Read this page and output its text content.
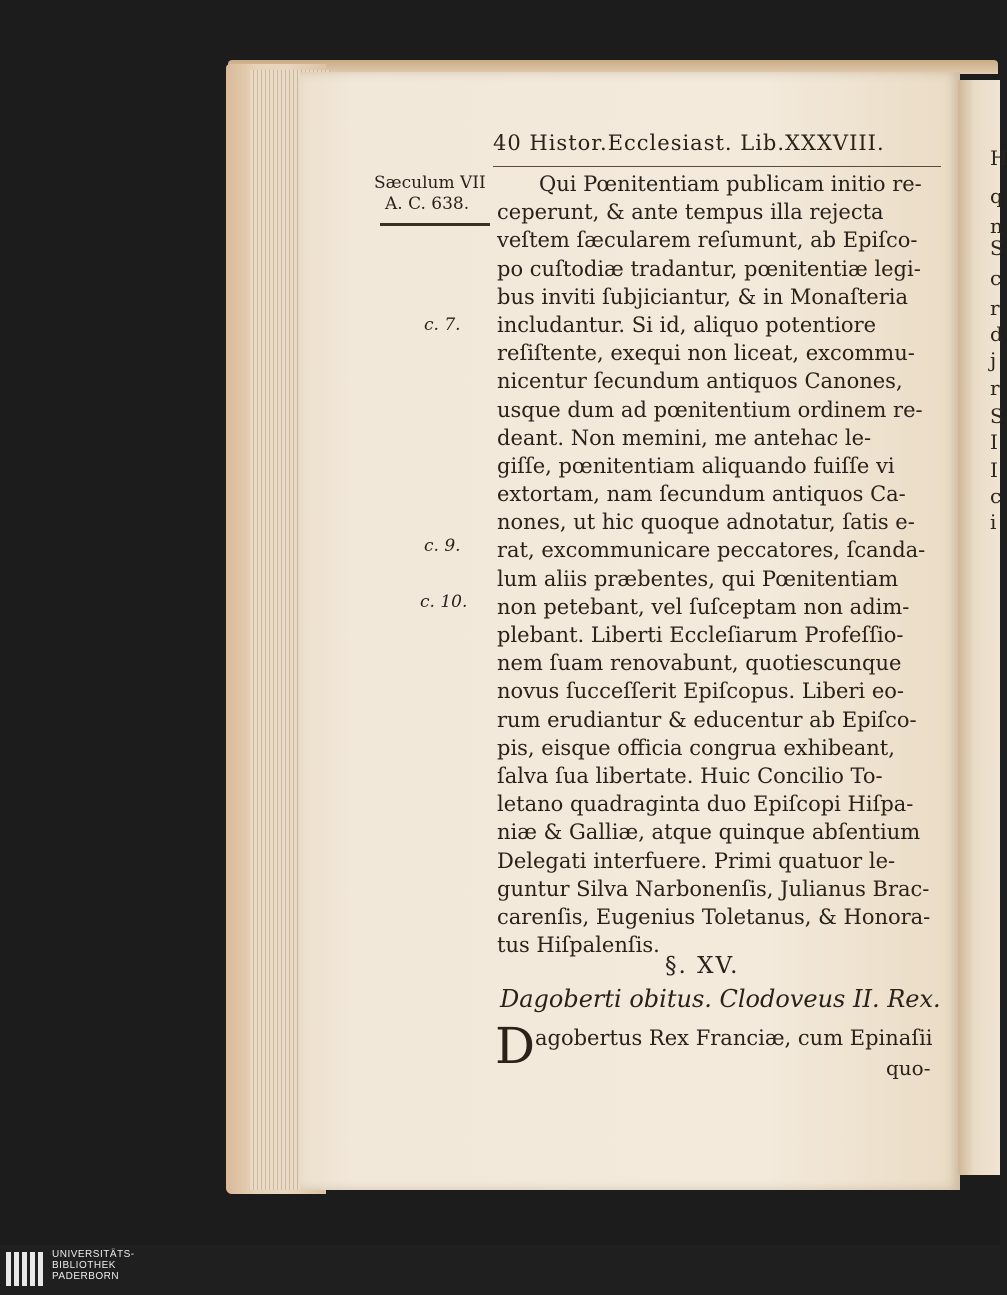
H
q
n
S
c
r
d
j
r
S
I
I
c
i
40 Histor.Ecclesiast. Lib.XXXVIII.
Sæculum VII
A. C. 638.
c. 7.
c. 9.
c. 10.
Qui Pœnitentiam publicam initio re-
ceperunt, & ante tempus illa rejecta
veſtem ſæcularem reſumunt, ab Epiſco-
po cuſtodiæ tradantur, pœnitentiæ legi-
bus inviti ſubjiciantur, & in Monaſteria
includantur. Si id, aliquo potentiore
reſiſtente, exequi non liceat, excommu-
nicentur ſecundum antiquos Canones,
usque dum ad pœnitentium ordinem re-
deant. Non memini, me antehac le-
giſſe, pœnitentiam aliquando fuiſſe vi
extortam, nam ſecundum antiquos Ca-
nones, ut hic quoque adnotatur, ſatis e-
rat, excommunicare peccatores, ſcanda-
lum aliis præbentes, qui Pœnitentiam
non petebant, vel ſuſceptam non adim-
plebant. Liberti Eccleſiarum Profeſſio-
nem ſuam renovabunt, quotiescunque
novus ſucceſſerit Epiſcopus. Liberi eo-
rum erudiantur & educentur ab Epiſco-
pis, eisque officia congrua exhibeant,
ſalva ſua libertate. Huic Concilio To-
letano quadraginta duo Epiſcopi Hiſpa-
niæ & Galliæ, atque quinque abſentium
Delegati interfuere. Primi quatuor le-
guntur Silva Narbonenſis, Julianus Brac-
carenſis, Eugenius Toletanus, & Honora-
tus Hiſpalenſis.
§. XV.
Dagoberti obitus. Clodoveus II. Rex.
D agobertus Rex Franciæ, cum Epinaſii
quo-
UNIVERSITÄTS-
BIBLIOTHEK
PADERBORN
